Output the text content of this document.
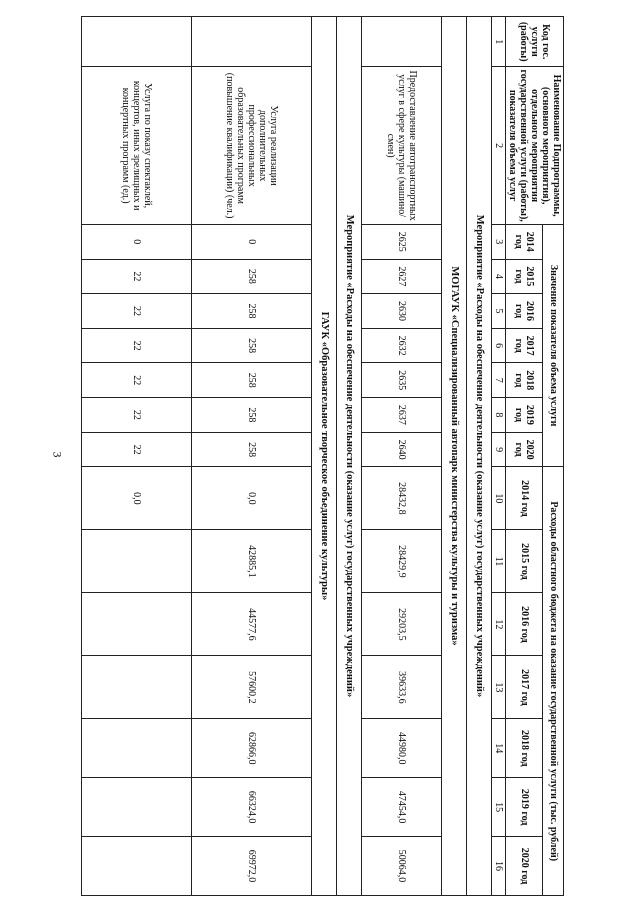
3
Код гос. услуги (работы)	Наименование Подпрограммы, (основного мероприятия), отдельного мероприятия государственной услуги (работы), показателя объема услуг	Значение показателя объема услуги							Расходы областного бюджета на оказание государственной услуги (тыс. рублей)						
		2014 год	2015 год	2016 год	2017 год	2018 год	2019 год	2020 год	2014 год	2015 год	2016 год	2017 год	2018 год	2019 год	2020 год
1	2	3	4	5	6	7	8	9	10	11	12	13	14	15	16
Мероприятие «Расходы на обеспечение деятельности (оказание услуг) государственных учреждений»															
МОГАУК «Специализированный автопарк министерства культуры и туризма»															
	Предоставление автотранспортных услуг в сфере культуры (машино/смен)	2625	2627	2630	2632	2635	2637	2640	28432,8	28429,9	29203,5	39633,6	44980,0	47454,0	50064,0
Мероприятие «Расходы на обеспечение деятельности (оказание услуг) государственных учреждений»															
ГАУК «Образовательное творческое объединение культуры»															
	Услуга реализации дополнительных профессиональных образовательных программ (повышение квалификации) (чел.)	0	258	258	258	258	258	258	0,0	42885,1	44577,6	57600,2	62866,0	66324,0	69972,0
	Услуга по показу спектаклей, концертов, иных зрелищных и концертных программ (ед.)	0	22	22	22	22	22	22	0,0						
